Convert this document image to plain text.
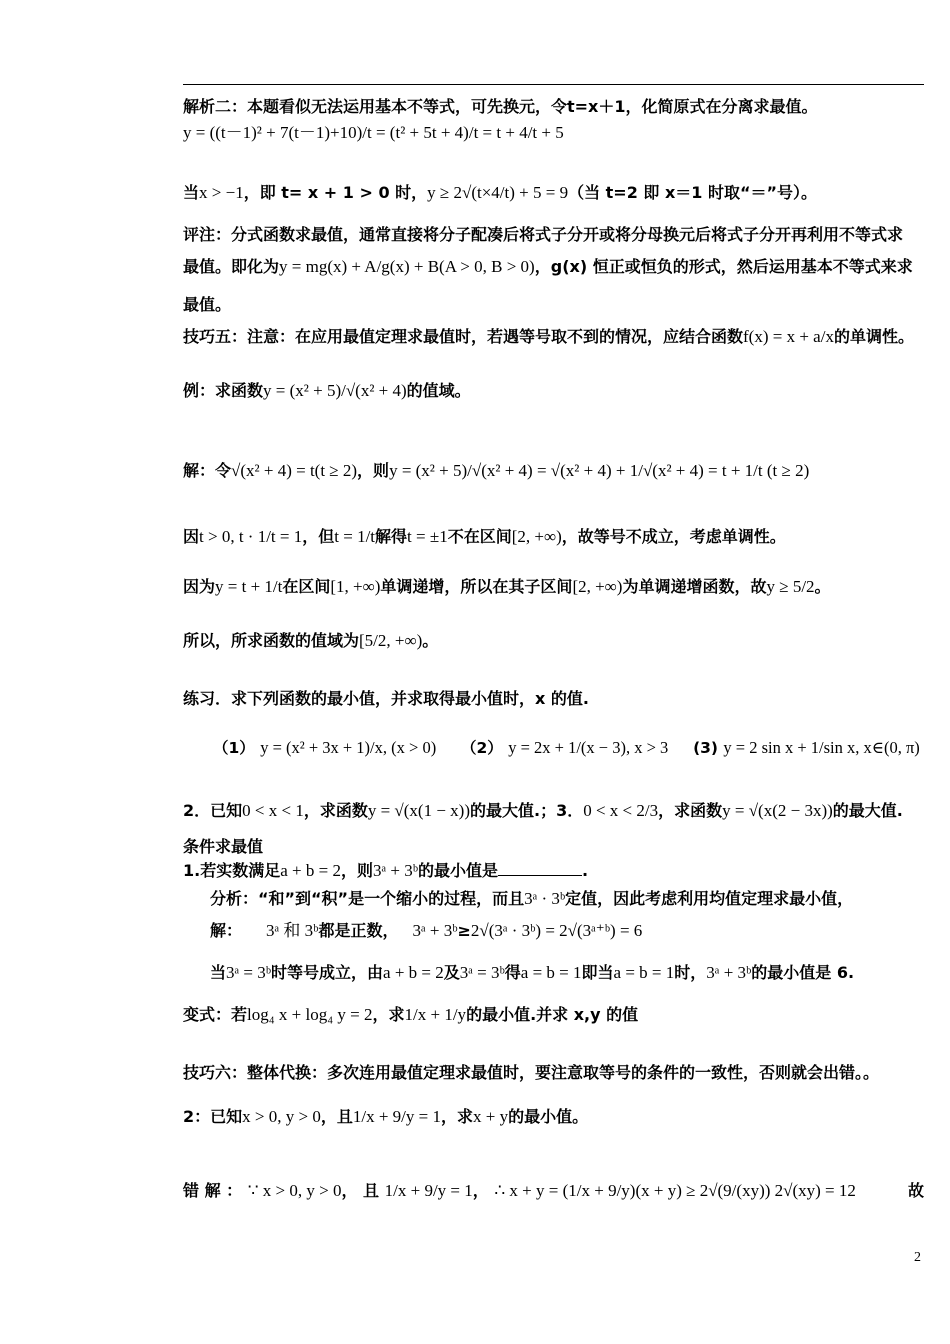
解析二：本题看似无法运用基本不等式，可先换元，令t=x＋1，化简原式在分离求最值。
y = ((t－1)² + 7(t－1)+10)/t = (t² + 5t + 4)/t = t + 4/t + 5
当x > −1，即 t= x + 1 > 0 时，y ≥ 2√(t×4/t) + 5 = 9（当 t=2 即 x＝1 时取“＝”号）。
评注：分式函数求最值，通常直接将分子配凑后将式子分开或将分母换元后将式子分开再利用不等式求
最值。即化为y = mg(x) + A/g(x) + B(A > 0, B > 0)，g(x) 恒正或恒负的形式，然后运用基本不等式来求
最值。
技巧五：注意：在应用最值定理求最值时，若遇等号取不到的情况，应结合函数f(x) = x + a/x的单调性。
例：求函数y = (x² + 5)/√(x² + 4)的值域。
解：令√(x² + 4) = t(t ≥ 2)，则y = (x² + 5)/√(x² + 4) = √(x² + 4) + 1/√(x² + 4) = t + 1/t (t ≥ 2)
因t > 0, t · 1/t = 1，但t = 1/t解得t = ±1不在区间[2, +∞)，故等号不成立，考虑单调性。
因为y = t + 1/t在区间[1, +∞)单调递增，所以在其子区间[2, +∞)为单调递增函数，故y ≥ 5/2。
所以，所求函数的值域为[5/2, +∞)。
练习．求下列函数的最小值，并求取得最小值时，x 的值.
（1） y = (x² + 3x + 1)/x, (x > 0) （2） y = 2x + 1/(x − 3), x > 3 (3) y = 2 sin x + 1/sin x, x∈(0, π)
2．已知0 < x < 1，求函数y = √(x(1 − x))的最大值.；3．0 < x < 2/3，求函数y = √(x(2 − 3x))的最大值.
条件求最值
1.若实数满足a + b = 2，则3ᵃ + 3ᵇ的最小值是	.
分析：“和”到“积”是一个缩小的过程，而且3ᵃ · 3ᵇ定值，因此考虑利用均值定理求最小值，
解： 3ᵃ 和 3ᵇ都是正数， 3ᵃ + 3ᵇ≥2√(3ᵃ · 3ᵇ) = 2√(3ᵃ⁺ᵇ) = 6
当3ᵃ = 3ᵇ时等号成立，由a + b = 2及3ᵃ = 3ᵇ得a = b = 1即当a = b = 1时，3ᵃ + 3ᵇ的最小值是 6.
变式：若log₄ x + log₄ y = 2，求1/x + 1/y的最小值.并求 x,y 的值
技巧六：整体代换：多次连用最值定理求最值时，要注意取等号的条件的一致性，否则就会出错。。
2：已知x > 0, y > 0，且1/x + 9/y = 1，求x + y的最小值。
错 解 ： ∵ x > 0, y > 0， 且 1/x + 9/y = 1， ∴ x + y = (1/x + 9/y)(x + y) ≥ 2√(9/(xy)) 2√(xy) = 12	故
2
